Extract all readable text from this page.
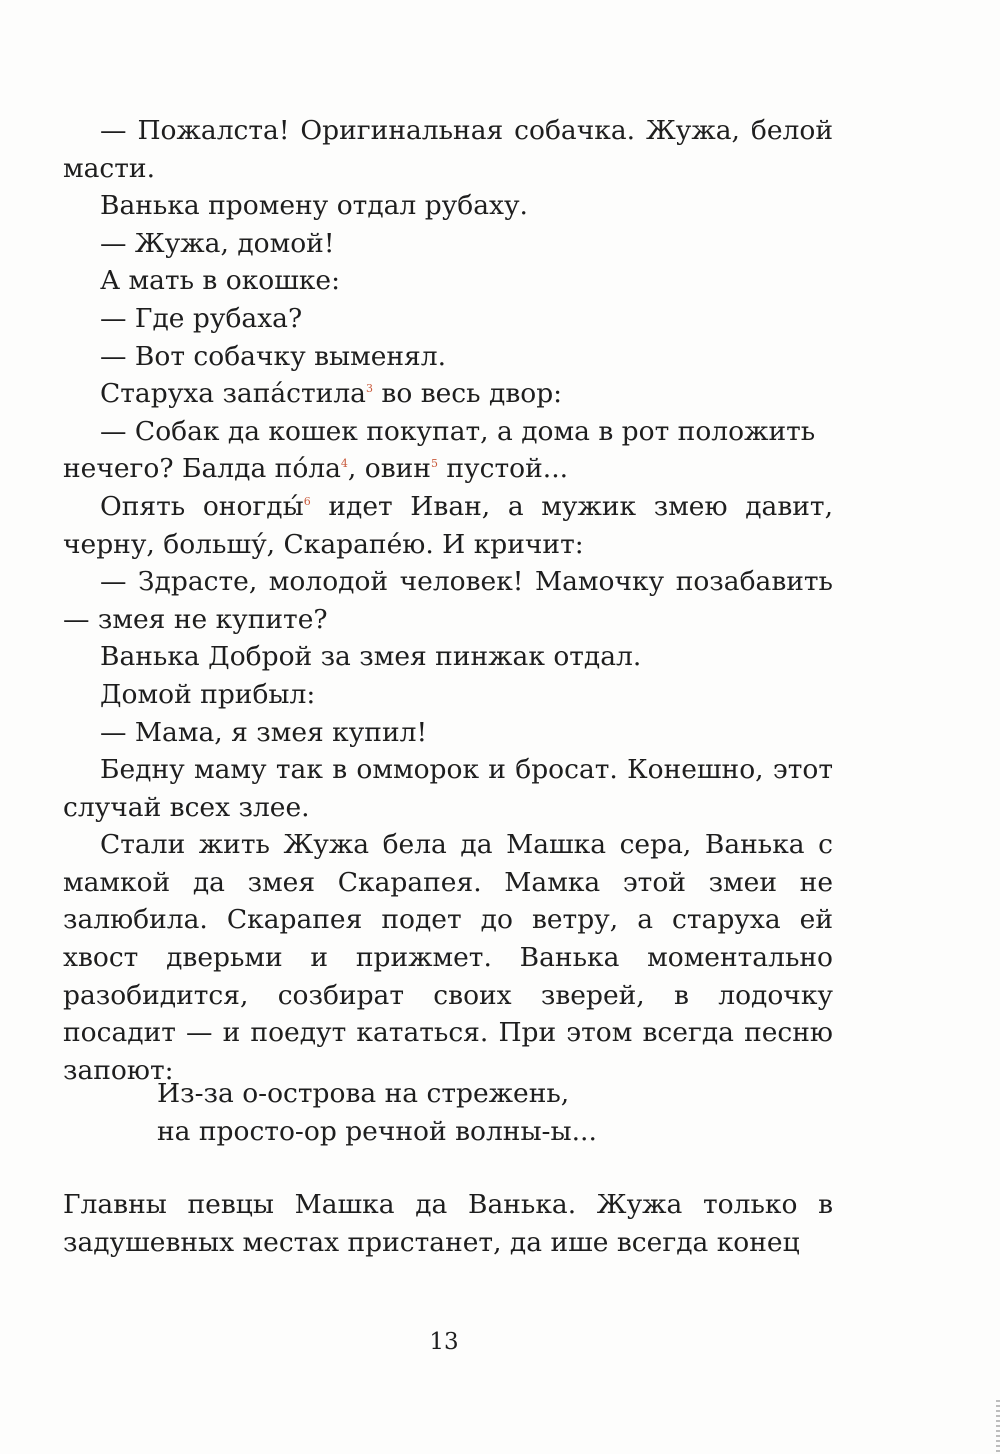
— Пожалста! Оригинальная собачка. Жужа, белой масти.

Ванька промену отдал рубаху.

— Жужа, домой!

А мать в окошке:

— Где рубаха?

— Вот собачку выменял.

Старуха запáстила$^3$ во весь двор:

— Собак да кошек покупат, а дома в рот положить

нечего? Балда пóла$^4$, овин$^5$ пустой...

Опять оногды́$^6$ идет Иван, а мужик змею давит, черну, большу́, Скарапéю. И кричит:

— Здрасте, молодой человек! Мамочку позабавить — змея не купите?

Ванька Доброй за змея пинжак отдал.

Домой прибыл:

— Мама, я змея купил!

Бедну маму так в омморок и бросат. Конешно, этот случай всех злее.

Стали жить Жужа бела да Машка сера, Ванька с мамкой да змея Скарапея. Мамка этой змеи не залюбила. Скарапея подет до ветру, а старуха ей хвост дверьми и прижмет. Ванька моментально разобидится, созбират своих зверей, в лодочку посадит — и поедут кататься. При этом всегда песню запоют:

Из-за о-острова на стрежень,
на просто-ор речной волны-ы...

Главны певцы Машка да Ванька. Жужа только в задушевных местах пристанет, да ише всегда конец

13
